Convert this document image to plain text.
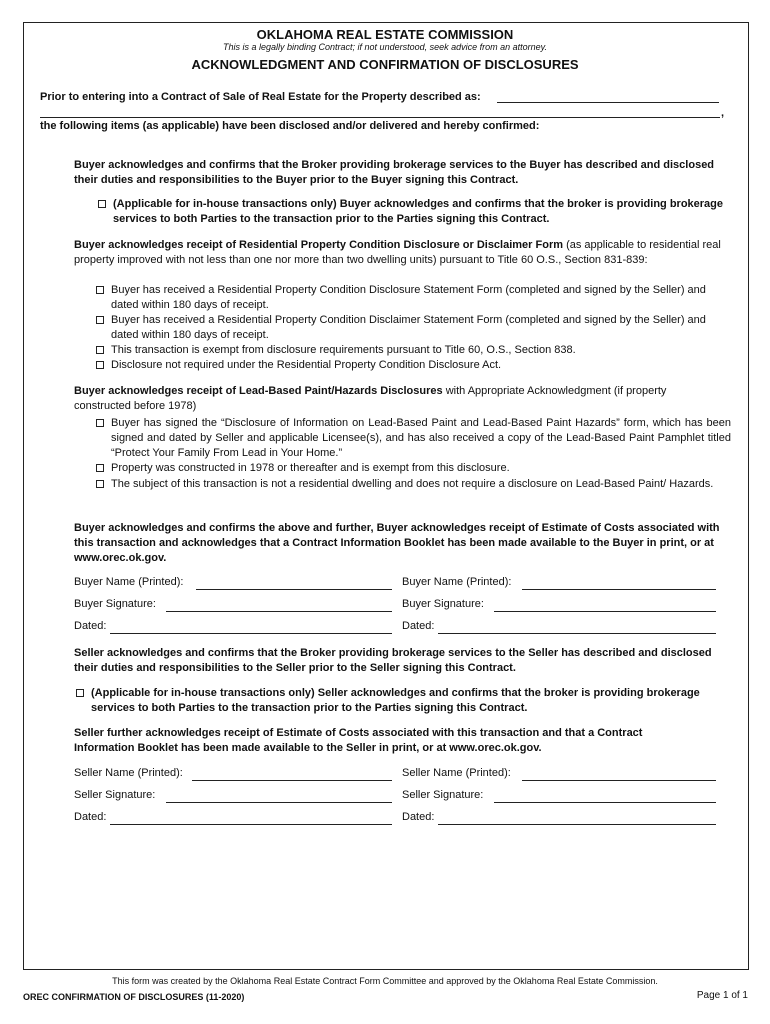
OKLAHOMA REAL ESTATE COMMISSION
This is a legally binding Contract; if not understood, seek advice from an attorney.
ACKNOWLEDGMENT AND CONFIRMATION OF DISCLOSURES
Prior to entering into a Contract of Sale of Real Estate for the Property described as:
,
the following items (as applicable) have been disclosed and/or delivered and hereby confirmed:
Buyer acknowledges and confirms that the Broker providing brokerage services to the Buyer has described and disclosed their duties and responsibilities to the Buyer prior to the Buyer signing this Contract.
(Applicable for in-house transactions only) Buyer acknowledges and confirms that the broker is providing brokerage services to both Parties to the transaction prior to the Parties signing this Contract.
Buyer acknowledges receipt of Residential Property Condition Disclosure or Disclaimer Form (as applicable to residential real property improved with not less than one nor more than two dwelling units) pursuant to Title 60 O.S., Section 831-839:
Buyer has received a Residential Property Condition Disclosure Statement Form (completed and signed by the Seller) and dated within 180 days of receipt.
Buyer has received a Residential Property Condition Disclaimer Statement Form (completed and signed by the Seller) and dated within 180 days of receipt.
This transaction is exempt from disclosure requirements pursuant to Title 60, O.S., Section 838.
Disclosure not required under the Residential Property Condition Disclosure Act.
Buyer acknowledges receipt of Lead-Based Paint/Hazards Disclosures with Appropriate Acknowledgment (if property constructed before 1978)
Buyer has signed the “Disclosure of Information on Lead-Based Paint and Lead-Based Paint Hazards” form, which has been signed and dated by Seller and applicable Licensee(s), and has also received a copy of the Lead-Based Paint Pamphlet titled “Protect Your Family From Lead in Your Home.”
Property was constructed in 1978 or thereafter and is exempt from this disclosure.
The subject of this transaction is not a residential dwelling and does not require a disclosure on Lead-Based Paint/ Hazards.
Buyer acknowledges and confirms the above and further, Buyer acknowledges receipt of Estimate of Costs associated with this transaction and acknowledges that a Contract Information Booklet has been made available to the Buyer in print, or at www.orec.ok.gov.
Buyer Name (Printed):	Buyer Name (Printed):
Buyer Signature:	Buyer Signature:
Dated:	Dated:
Seller acknowledges and confirms that the Broker providing brokerage services to the Seller has described and disclosed their duties and responsibilities to the Seller prior to the Seller signing this Contract.
(Applicable for in-house transactions only) Seller acknowledges and confirms that the broker is providing brokerage services to both Parties to the transaction prior to the Parties signing this Contract.
Seller further acknowledges receipt of Estimate of Costs associated with this transaction and that a Contract Information Booklet has been made available to the Seller in print, or at www.orec.ok.gov.
Seller Name (Printed):	Seller Name (Printed):
Seller Signature:	Seller Signature:
Dated:	Dated:
This form was created by the Oklahoma Real Estate Contract Form Committee and approved by the Oklahoma Real Estate Commission.
OREC CONFIRMATION OF DISCLOSURES (11-2020)	Page 1 of 1
